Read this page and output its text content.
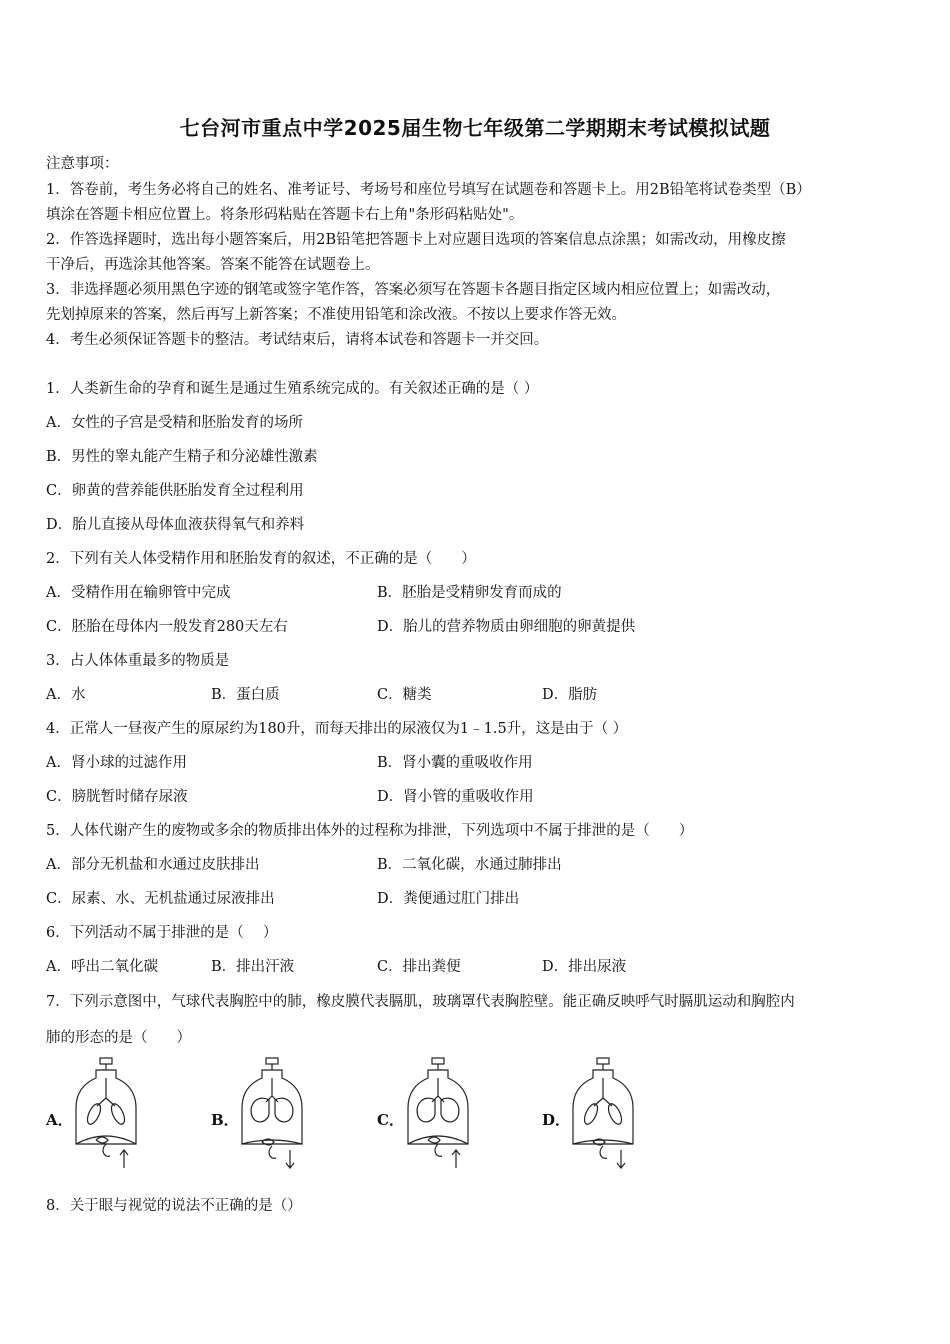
七台河市重点中学2025届生物七年级第二学期期末考试模拟试题
注意事项：
1．答卷前，考生务必将自己的姓名、准考证号、考场号和座位号填写在试题卷和答题卡上。用2B铅笔将试卷类型（B）
填涂在答题卡相应位置上。将条形码粘贴在答题卡右上角"条形码粘贴处"。
2．作答选择题时，选出每小题答案后，用2B铅笔把答题卡上对应题目选项的答案信息点涂黑；如需改动，用橡皮擦
干净后，再选涂其他答案。答案不能答在试题卷上。
3．非选择题必须用黑色字迹的钢笔或签字笔作答，答案必须写在答题卡各题目指定区域内相应位置上；如需改动，
先划掉原来的答案，然后再写上新答案；不准使用铅笔和涂改液。不按以上要求作答无效。
4．考生必须保证答题卡的整洁。考试结束后，请将本试卷和答题卡一并交回。
1．人类新生命的孕育和诞生是通过生殖系统完成的。有关叙述正确的是（ ）
A．女性的子宫是受精和胚胎发育的场所
B．男性的睾丸能产生精子和分泌雄性激素
C．卵黄的营养能供胚胎发育全过程利用
D．胎儿直接从母体血液获得氧气和养料
2．下列有关人体受精作用和胚胎发育的叙述，不正确的是（　　）
A．受精作用在输卵管中完成	B．胚胎是受精卵发育而成的
C．胚胎在母体内一般发育280天左右	D．胎儿的营养物质由卵细胞的卵黄提供
3．占人体体重最多的物质是
A．水	B．蛋白质	C．糖类	D．脂肪
4．正常人一昼夜产生的原尿约为180升，而每天排出的尿液仅为1﹣1.5升，这是由于（ ）
A．肾小球的过滤作用	B．肾小囊的重吸收作用
C．膀胱暂时储存尿液	D．肾小管的重吸收作用
5．人体代谢产生的废物或多余的物质排出体外的过程称为排泄，下列选项中不属于排泄的是（　　）
A．部分无机盐和水通过皮肤排出	B．二氧化碳，水通过肺排出
C．尿素、水、无机盐通过尿液排出	D．粪便通过肛门排出
6．下列活动不属于排泄的是（　 ）
A．呼出二氧化碳	B．排出汗液	C．排出粪便	D．排出尿液
7．下列示意图中，气球代表胸腔中的肺，橡皮膜代表膈肌，玻璃罩代表胸腔壁。能正确反映呼气时膈肌运动和胸腔内
肺的形态的是（　　）
A．	B．	C．	D．
8．关于眼与视觉的说法不正确的是（）
